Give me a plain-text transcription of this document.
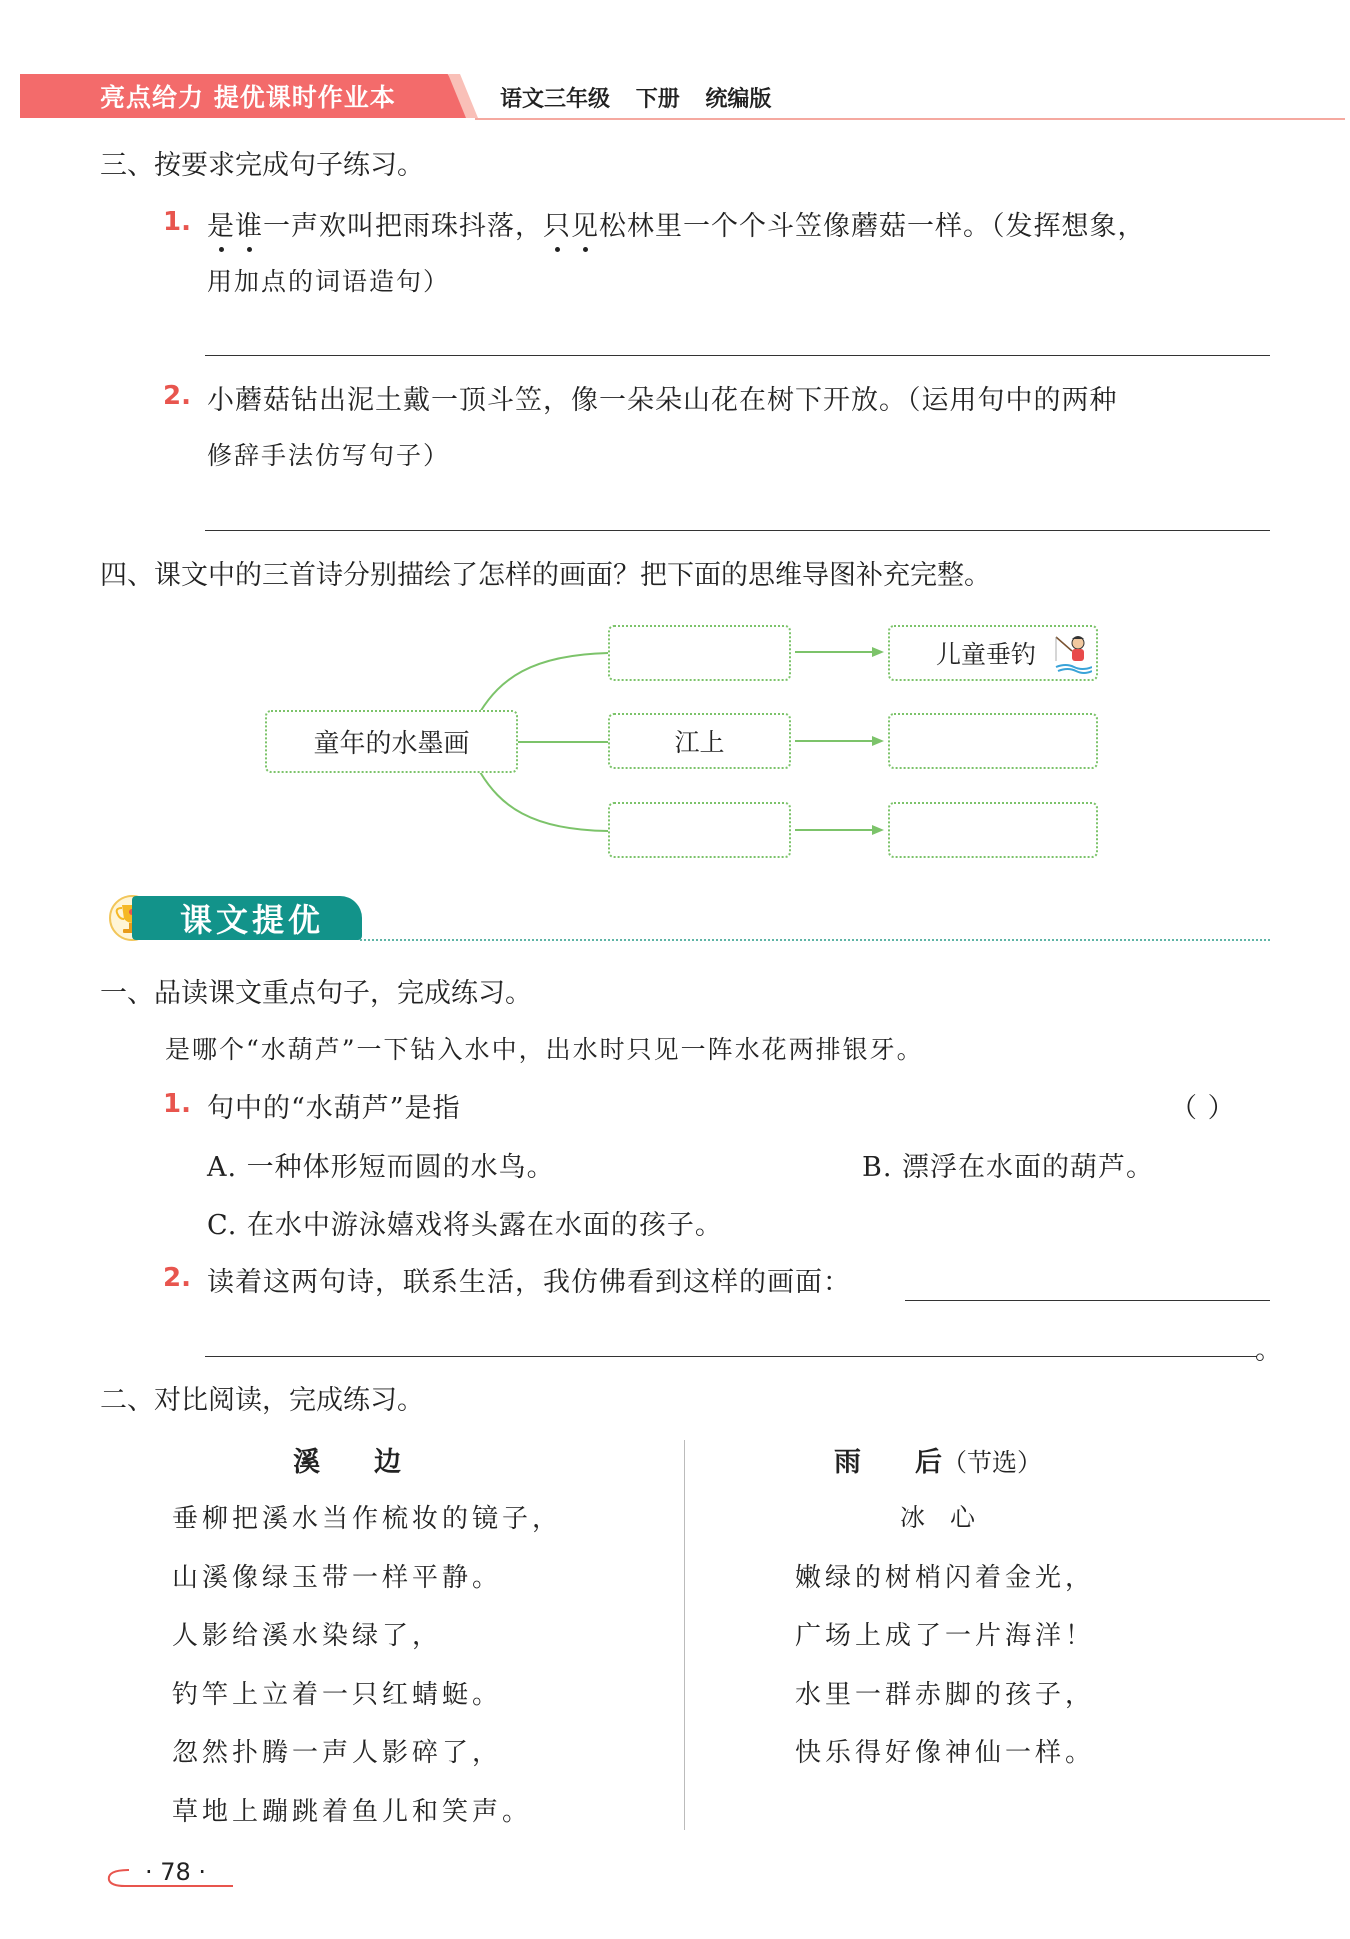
亮点给力 提优课时作业本	语文三年级 下册 统编版
三、按要求完成句子练习。
1. 是谁一声欢叫把雨珠抖落，只见松林里一个个斗笠像蘑菇一样。（发挥想象，
用加点的词语造句）
2. 小蘑菇钻出泥土戴一顶斗笠，像一朵朵山花在树下开放。（运用句中的两种
修辞手法仿写句子）
四、课文中的三首诗分别描绘了怎样的画面？把下面的思维导图补充完整。
童年的水墨画	江上
儿童垂钓
课文提优
一、品读课文重点句子，完成练习。
是哪个“水葫芦”一下钻入水中，出水时只见一阵水花两排银牙。
1. 句中的“水葫芦”是指	（ ）
A. 一种体形短而圆的水鸟。	B. 漂浮在水面的葫芦。
C. 在水中游泳嬉戏将头露在水面的孩子。
2. 读着这两句诗，联系生活，我仿佛看到这样的画面：
。
二、对比阅读，完成练习。
溪　　边
垂柳把溪水当作梳妆的镜子，
山溪像绿玉带一样平静。
人影给溪水染绿了，
钓竿上立着一只红蜻蜓。
忽然扑腾一声人影碎了，
草地上蹦跳着鱼儿和笑声。
雨　　后（节选）
冰　心
嫩绿的树梢闪着金光，
广场上成了一片海洋！
水里一群赤脚的孩子，
快乐得好像神仙一样。
· 78 ·
